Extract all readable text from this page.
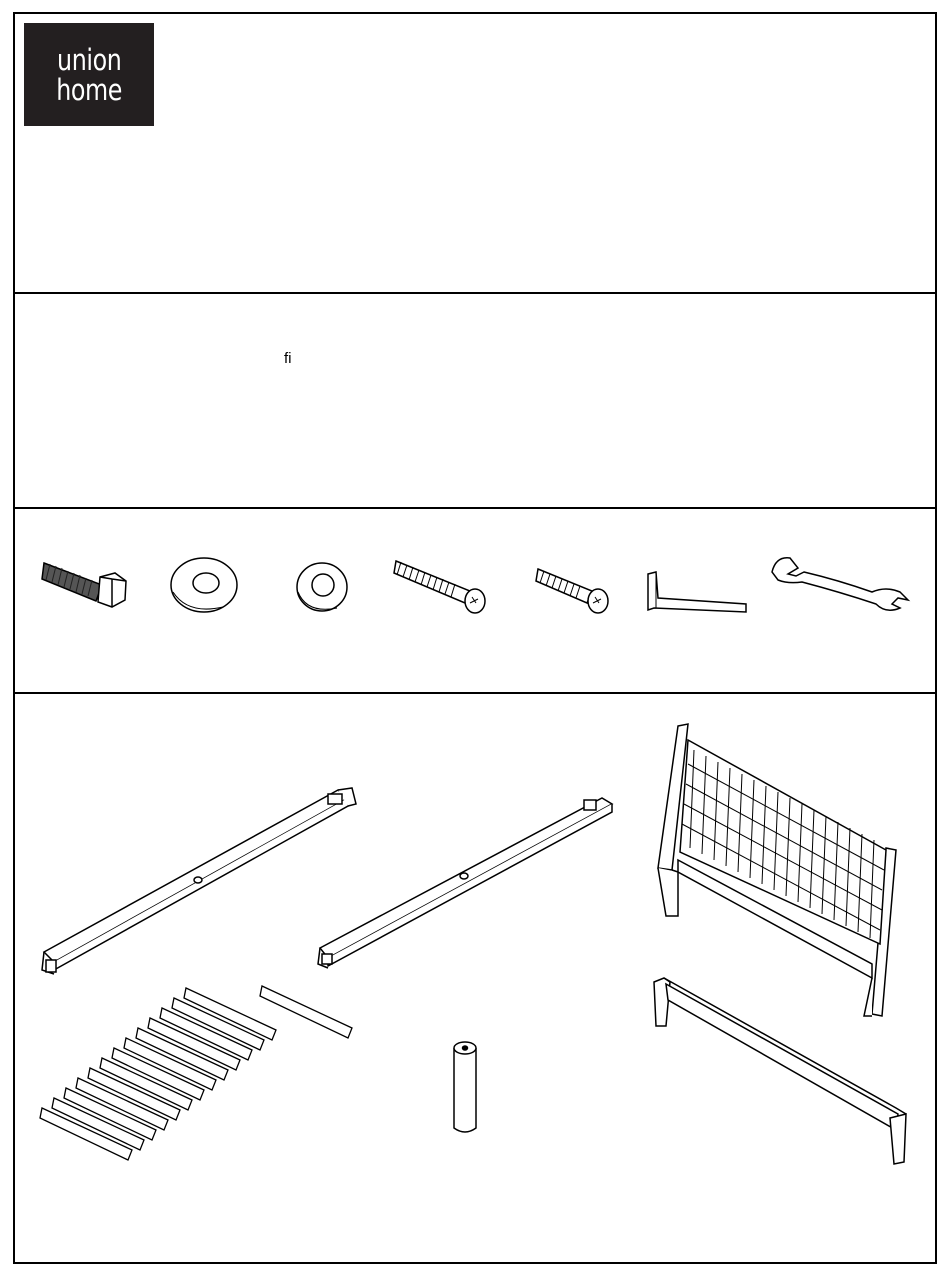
union
home
ﬁ
